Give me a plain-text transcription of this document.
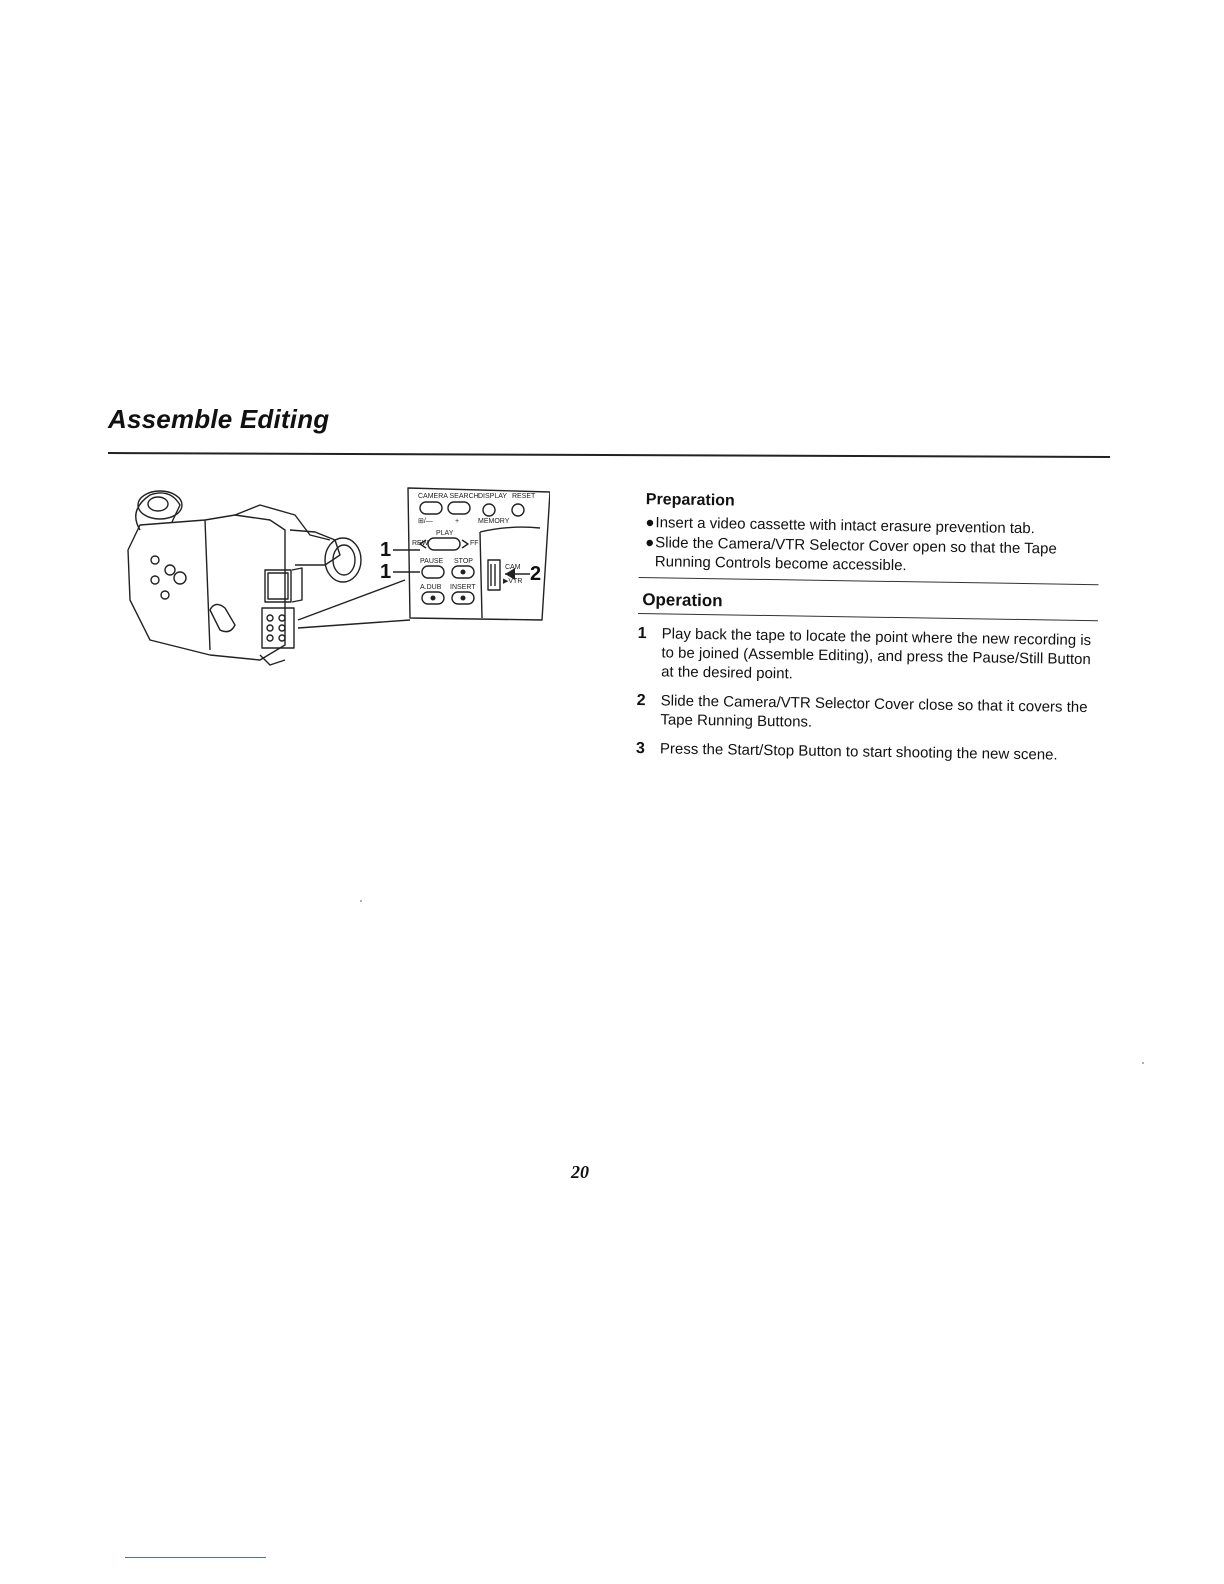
Assemble Editing
CAMERA SEARCH DISPLAY RESET
⊞/—	+	MEMORY
REW
PLAY
FF
PAUSE STOP
A.DUB INSERT
CAM
▶VTR
1
1	2
Preparation
●Insert a video cassette with intact erasure prevention tab.
●Slide the Camera/VTR Selector Cover open so that the Tape Running Controls become accessible.
Operation
1 Play back the tape to locate the point where the new recording is to be joined (Assemble Editing), and press the Pause/Still Button at the desired point.
2 Slide the Camera/VTR Selector Cover close so that it covers the Tape Running Buttons.
3 Press the Start/Stop Button to start shooting the new scene.
20
